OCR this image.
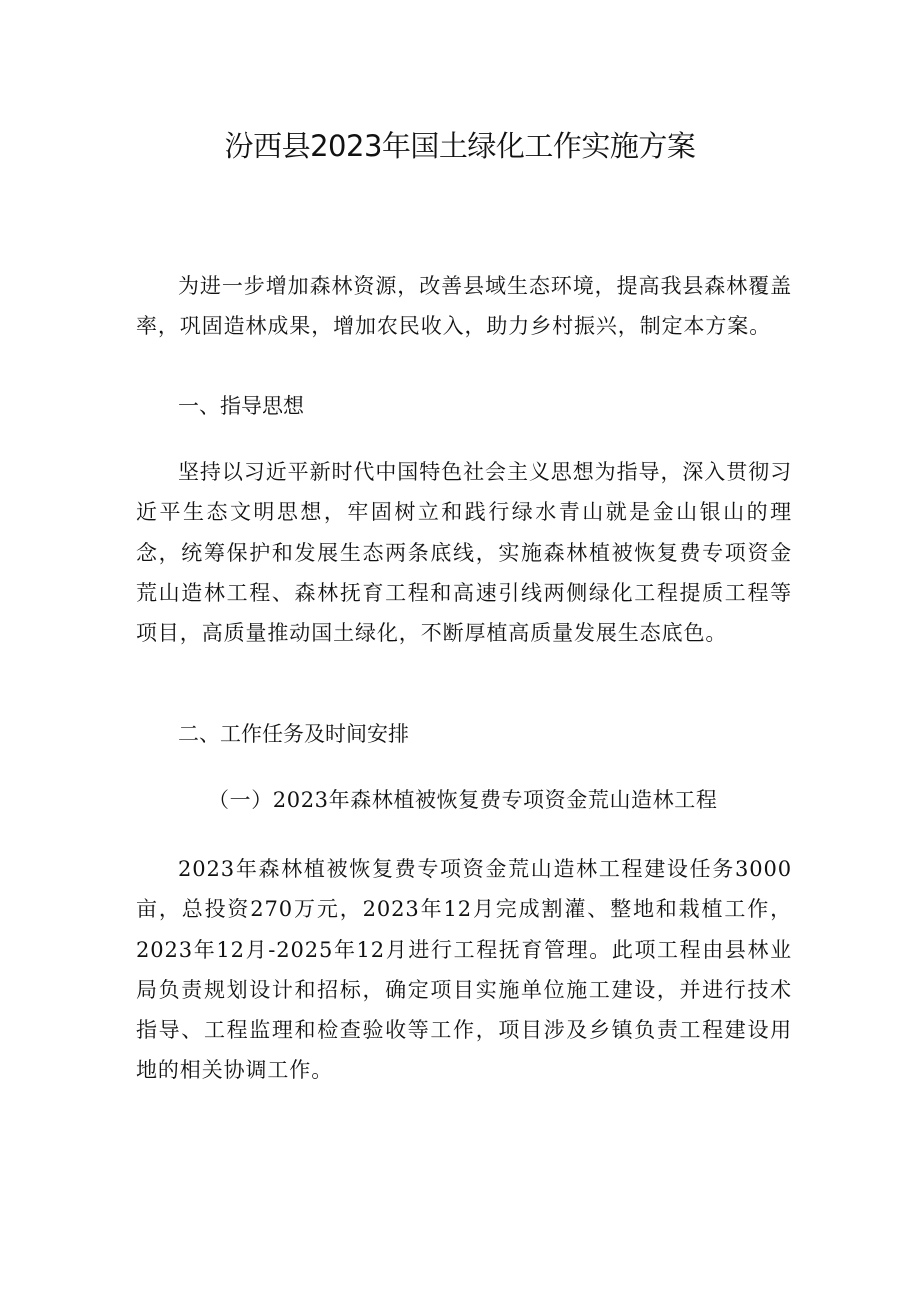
汾西县2023年国土绿化工作实施方案

为进一步增加森林资源，改善县域生态环境，提高我县森林覆盖率，巩固造林成果，增加农民收入，助力乡村振兴，制定本方案。

一、指导思想

坚持以习近平新时代中国特色社会主义思想为指导，深入贯彻习近平生态文明思想，牢固树立和践行绿水青山就是金山银山的理念，统筹保护和发展生态两条底线，实施森林植被恢复费专项资金荒山造林工程、森林抚育工程和高速引线两侧绿化工程提质工程等项目，高质量推动国土绿化，不断厚植高质量发展生态底色。

二、工作任务及时间安排
（一）2023年森林植被恢复费专项资金荒山造林工程

2023年森林植被恢复费专项资金荒山造林工程建设任务3000亩，总投资270万元，2023年12月完成割灌、整地和栽植工作，2023年12月-2025年12月进行工程抚育管理。此项工程由县林业局负责规划设计和招标，确定项目实施单位施工建设，并进行技术指导、工程监理和检查验收等工作，项目涉及乡镇负责工程建设用地的相关协调工作。
